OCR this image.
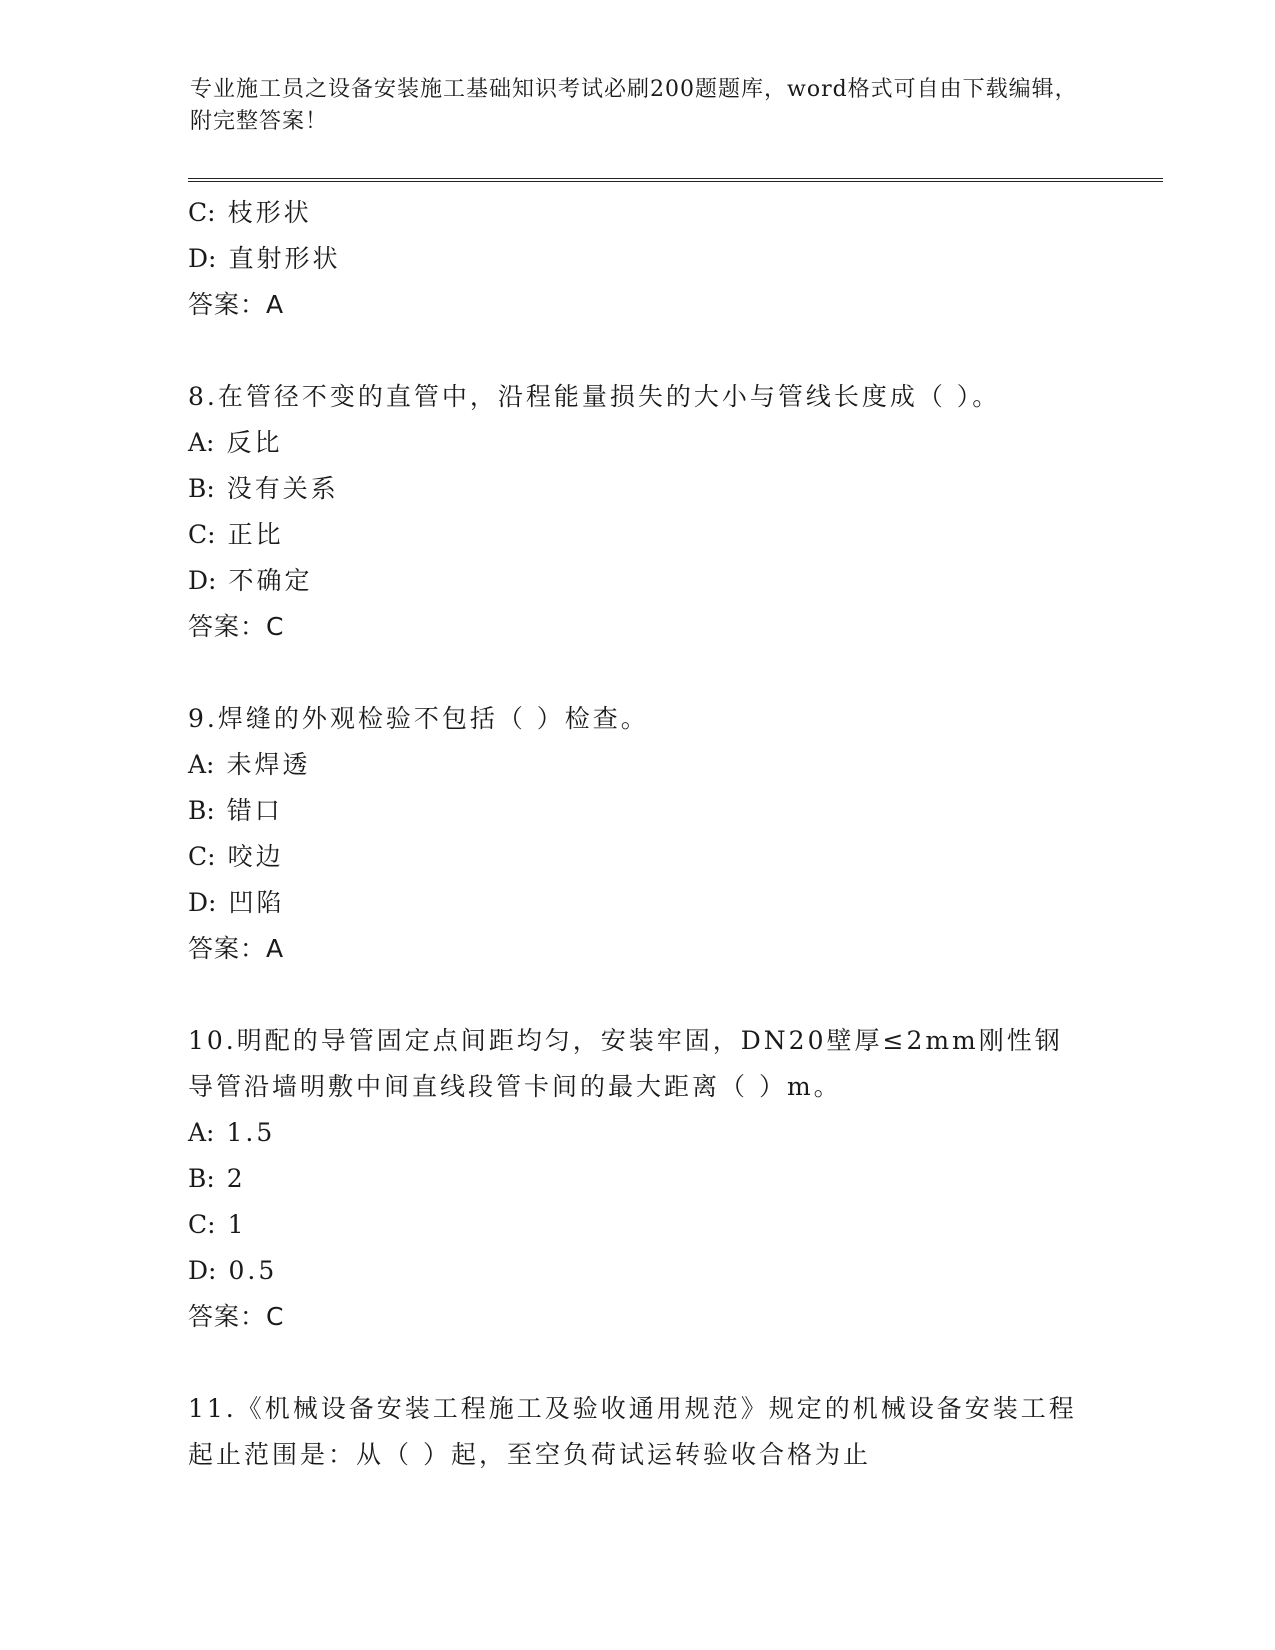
专业施工员之设备安装施工基础知识考试必刷200题题库，word格式可自由下载编辑，附完整答案！
C: 枝形状
D: 直射形状
答案：A
8.在管径不变的直管中，沿程能量损失的大小与管线长度成（ ）。
A: 反比
B: 没有关系
C: 正比
D: 不确定
答案：C
9.焊缝的外观检验不包括（ ）检查。
A: 未焊透
B: 错口
C: 咬边
D: 凹陷
答案：A
10.明配的导管固定点间距均匀，安装牢固，DN20壁厚≤2mm刚性钢导管沿墙明敷中间直线段管卡间的最大距离（ ）m。
A: 1.5
B: 2
C: 1
D: 0.5
答案：C
11.《机械设备安装工程施工及验收通用规范》规定的机械设备安装工程起止范围是：从（ ）起，至空负荷试运转验收合格为止
